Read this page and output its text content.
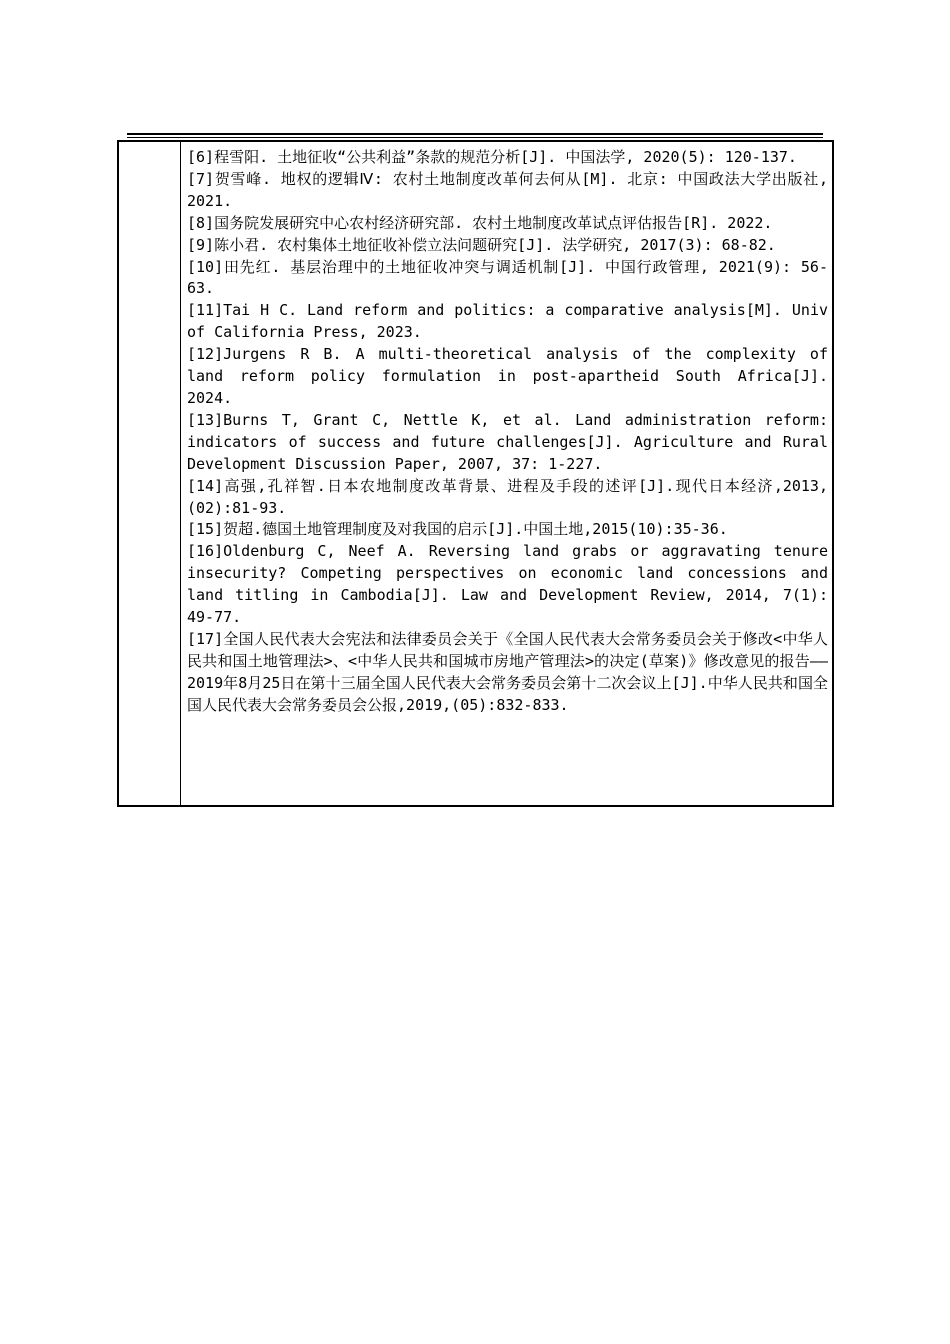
[6]程雪阳. 土地征收“公共利益”条款的规范分析[J]. 中国法学, 2020(5): 120-137.

[7]贺雪峰. 地权的逻辑Ⅳ: 农村土地制度改革何去何从[M]. 北京: 中国政法大学出版社, 2021.

[8]国务院发展研究中心农村经济研究部. 农村土地制度改革试点评估报告[R]. 2022.

[9]陈小君. 农村集体土地征收补偿立法问题研究[J]. 法学研究, 2017(3): 68-82.

[10]田先红. 基层治理中的土地征收冲突与调适机制[J]. 中国行政管理, 2021(9): 56-63.

[11]Tai H C. Land reform and politics: a comparative analysis[M]. Univ of California Press, 2023.

[12]Jurgens R B. A multi-theoretical analysis of the complexity of land reform policy formulation in post-apartheid South Africa[J]. 2024.

[13]Burns T, Grant C, Nettle K, et al. Land administration reform: indicators of success and future challenges[J]. Agriculture and Rural Development Discussion Paper, 2007, 37: 1-227.

[14]高强,孔祥智.日本农地制度改革背景、进程及手段的述评[J].现代日本经济,2013,(02):81-93.

[15]贺超.德国土地管理制度及对我国的启示[J].中国土地,2015(10):35-36.

[16]Oldenburg C, Neef A. Reversing land grabs or aggravating tenure insecurity? Competing perspectives on economic land concessions and land titling in Cambodia[J]. Law and Development Review, 2014, 7(1): 49-77.

[17]全国人民代表大会宪法和法律委员会关于《全国人民代表大会常务委员会关于修改<中华人民共和国土地管理法>、<中华人民共和国城市房地产管理法>的决定(草案)》修改意见的报告——2019年8月25日在第十三届全国人民代表大会常务委员会第十二次会议上[J].中华人民共和国全国人民代表大会常务委员会公报,2019,(05):832-833.
